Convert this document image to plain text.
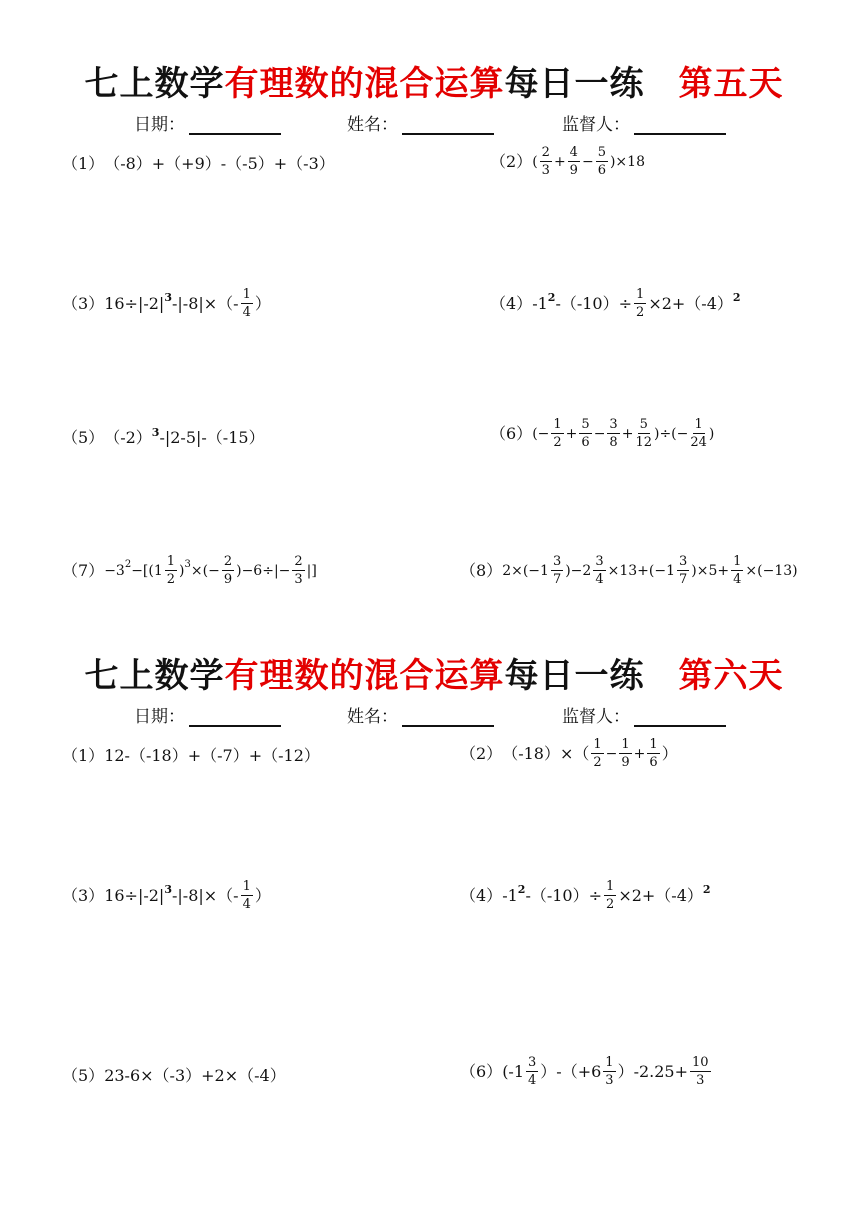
七上数学有理数的混合运算每日一练 第五天
日期：	姓名：	监督人：
（1） （-8）+（+9）-（-5）+（-3）	（2） ( $\frac{2}{3} + \frac{4}{9} - \frac{5}{6} )\times 18$
（3） $16\div|-2|^3$ $-|-8|\times(- \frac{1}{4}$ ）	（4） $-1^2$ $-(-10)\div \frac{1}{2} \times 2+(-4)^2$
（5） $(-2)^3$ -|2-5|-（-15）	（6） (− $\frac{1}{2} + \frac{5}{6} - \frac{3}{8} + \frac{5}{12}$ )÷(− $\frac{1}{24}$ )
$(7) -3^2 -[(1 \frac{1}{2} )^3$ ×(− $\frac{2}{9} )-6\div|- \frac{2}{3}$ |]	（8） $2\times(-1 \frac{3}{7} )-2 \frac{3}{4} \times 13+(-1 \frac{3}{7} )\times 5+ \frac{1}{4} \times(-13)$
七上数学有理数的混合运算每日一练 第六天
日期：	姓名：	监督人：
（1） 12-（-18）+（-7）+（-12）	（2） $(-18)\times( \frac{1}{2} - \frac{1}{9} + \frac{1}{6}$ ）
（3） $16\div|-2|^3$ $-|-8|\times(- \frac{1}{4}$ ）	（4） $-1^2$ $-(-10)\div \frac{1}{2} \times 2+(-4)^2$
（5） 23-6×（-3）+2×（-4）	（6） $(-1 \frac{3}{4} )-(+6 \frac{1}{3} )-2.25+ \frac{10}{3}$
